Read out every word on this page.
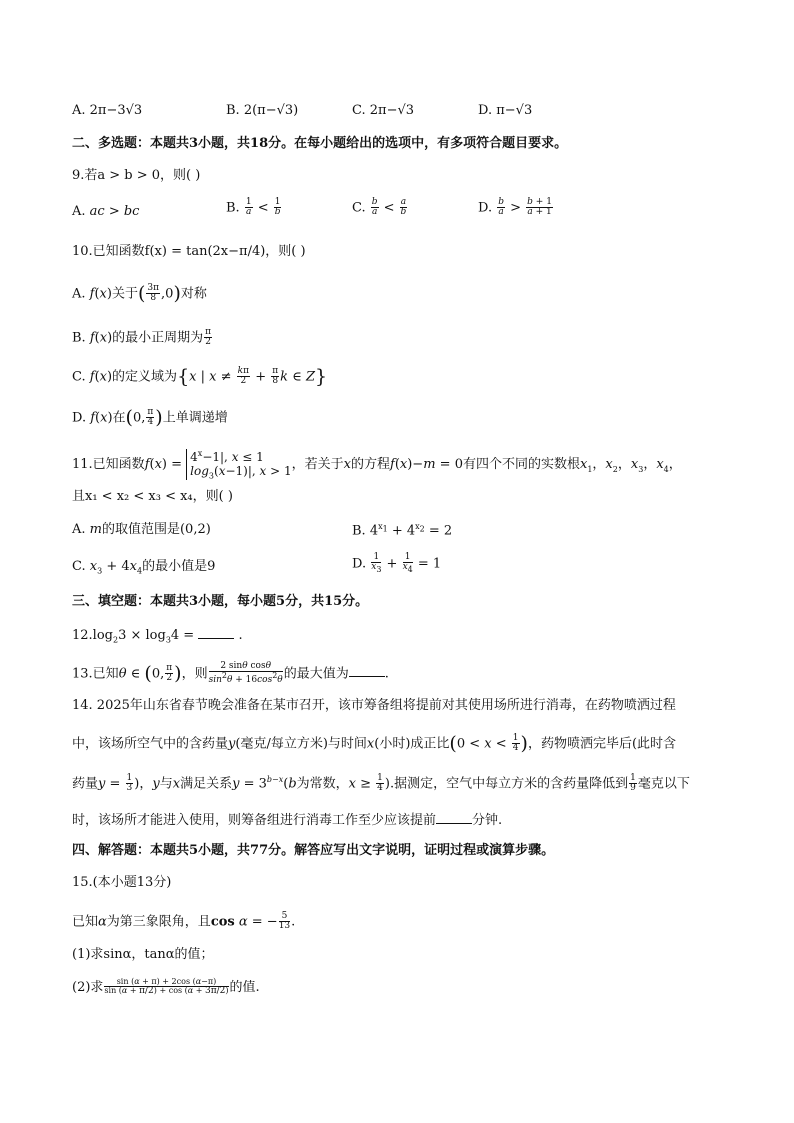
A. 2π−3√3	B. 2(π−√3)	C. 2π−√3	D. π−√3
二、多选题：本题共3小题，共18分。在每小题给出的选项中，有多项符合题目要求。
9.若a > b > 0，则( )
A. ac > bc	B. $\frac{1}{a} < \frac{1}{b}$	C. $\frac{b}{a} < \frac{a}{b}$	D. $\frac{b}{a} > \frac{b + 1}{a + 1}$
10.已知函数f(x) = tan(2x−π/4)，则( )
A. f(x)关于( $\frac{3\pi}{8} ,0$)对称
B. f(x)的最小正周期为 $\frac{\pi}{2}$
C. f(x)的定义域为{x | $x \ne \frac{k\pi}{2} + \frac{\pi}{8}$ k ∈ Z}
D. f(x)在(0, $\frac{\pi}{4}$ )上单调递增
11.已知函数$f(x) = 4^x-1|$, x ≤ 1
$\log_3(x-1)|$, x > 1，若关于x的方程f(x)−m = 0有四个不同的实数根$x_1$，$x_2$，$x_3$，$x_4$，
且x₁ < x₂ < x₃ < x₄，则( )
A. m的取值范围是(0,2)	B. $4^{x_1} + 4^{x_2} = 2$
C. $x_3 + 4x_4$的最小值是9	D. $\frac{1}{x_3} + \frac{1}{x_4} = 1$
三、填空题：本题共3小题，每小题5分，共15分。
$12.\log_23 \times \log_34$ =	.
13.已知θ ∈ (0, $\frac{\pi}{2}$ )，则 $\frac{\text{2 sinθ cosθ}}{\sin^2\theta + 16\cos^2\theta}$ 的最大值为	.
14. 2025年山东省春节晚会准备在某市召开，该市筹备组将提前对其使用场所进行消毒，在药物喷洒过程
中，该场所空气中的含药量y(毫克/每立方米)与时间x(小时)成正比($0 < x < \frac{1}{4}$ )，药物喷洒完毕后(此时含
药量$y = \frac{1}{3}$ )，y与x满足关系$y = 3^{b-x}(b$为常数，$x \ge \frac{1}{4}$ ).据测定，空气中每立方米的含药量降低到 $\frac{1}{9}$ 毫克以下
时，该场所才能进入使用，则筹备组进行消毒工作至少应该提前	分钟.
四、解答题：本题共5小题，共77分。解答应写出文字说明，证明过程或演算步骤。
15.(本小题13分)
已知α为第三象限角，且cos α = − $\frac{5}{13}$ .
(1)求sinα，tanα的值；
(2)求 $\frac{\sin (\alpha + \pi) + 2\cos (\alpha-\pi)}{\sin (\alpha + \pi/2) + \cos (\alpha + 3\pi/2)}$ 的值.
